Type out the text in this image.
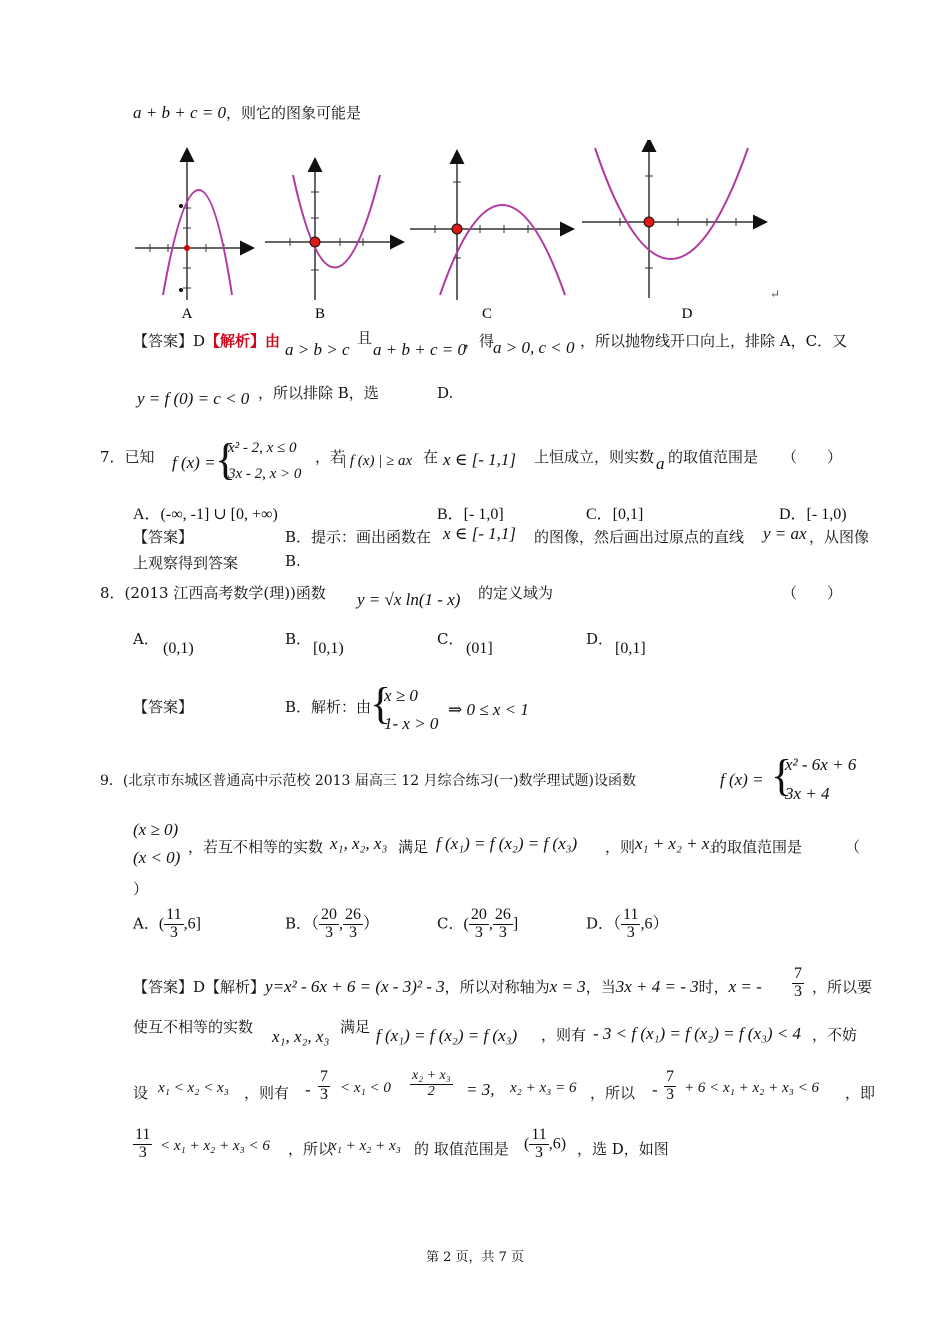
a + b + c = 0，则它的图象可能是
A	B	C	D
↵
【答案】D【解析】由 a > b > c
且
a + b + c = 0
，得
a > 0, c < 0 ，所以抛物线开口向上，排除 A，C．又
y = f (0) = c < 0 ，所以排除 B，选	D.
7．已知 f (x) = {
x² - 2, x ≤ 0
3x - 2, x > 0
，若
| f (x) | ≥ ax 在 x ∈ [- 1,1] 上恒成立，则实数 a 的取值范围是 （　　）
A．(-∞, -1] ∪ [0, +∞)	B．[- 1,0]	C．[0,1]	D．[- 1,0)
【答案】	B．提示：画出函数在 x ∈ [- 1,1] 的图像，然后画出过原点的直线 y = ax ，从图像
上观察得到答案	B.
8．(2013 江西高考数学(理))函数 y = √x ln(1 - x) 的定义域为	（　　）
A．
(0,1)
B．
[0,1)
C．
(01]
D．
[0,1]
【答案】	B．解析：由
{
x ≥ 0
1- x > 0
⇒ 0 ≤ x < 1
9．(北京市东城区普通高中示范校 2013 届高三 12 月综合练习(一)数学理试题)设函数	f (x) = {
x² - 6x + 6
3x + 4
(x ≥ 0)
(x < 0)
，若互不相等的实数 x₁, x₂, x₃ 满足 f (x₁) = f (x₂) = f (x₃) ，则 x₁ + x₂ + x₃
的取值范围是	（
）
A．( $\frac{11}{3} ,6$]	B．（ $\frac{20}{3}$ , $\frac{26}{3}$ ）	C．( $\frac{20}{3}$ , $\frac{26}{3}$ ]	D．（ $\frac{11}{3} ,6$）
【答案】D【解析】y=x² - 6x + 6 = (x - 3)² - 3，所以对称轴为x = 3，当3x + 4 = - 3时，x = - $\frac{7}{3}$ ，所以要
使互不相等的实数 x₁, x₂, x₃ 满足 f (x₁) = f (x₂) = f (x₃) ，则有 - 3 < f (x₁) = f (x₂) = f (x₃) < 4 ，不妨
设 x₁ < x₂ < x₃ ，则有 - $\frac{7}{3} < x_1 < 0 \frac{\text{x₂ + x₃}}{2} = 3$, x₂ + x₃ = 6 ，所以 - $\frac{7}{3} + 6 < x_1 + x_2 + x_3 < 6$ ，即
$\frac{11}{3} < x_1 + x_2 + x_3 < 6$ ，所以
x₁ + x₂ + x₃ 的 取值范围是 ( $\frac{11}{3} ,6$) ，选 D，如图
第 2 页，共 7 页
